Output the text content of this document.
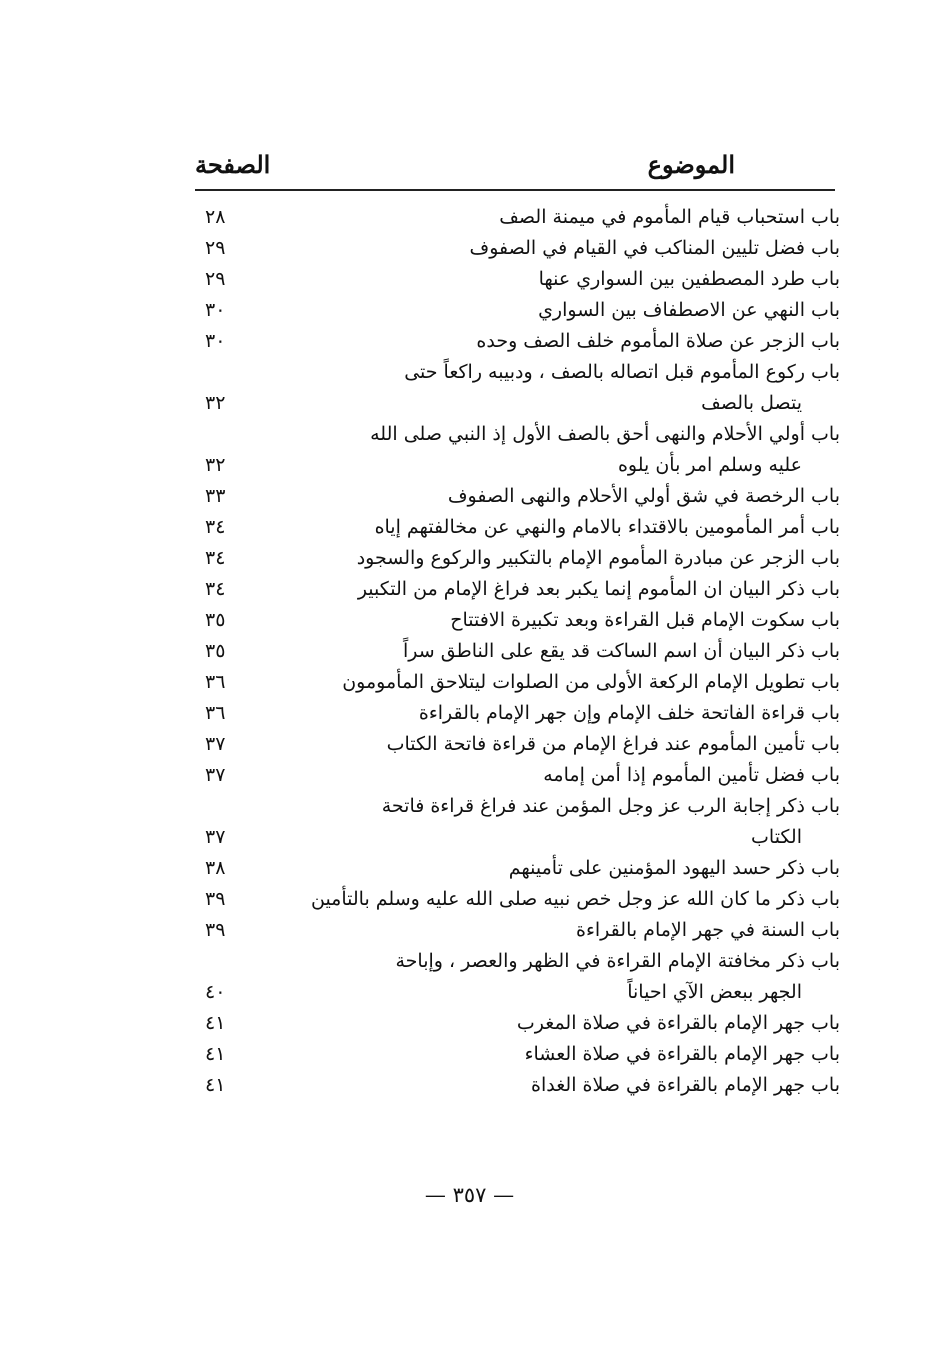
الموضوع
الصفحة
باب استحباب قيام المأموم في ميمنة الصف
٢٨
باب فضل تليين المناكب في القيام في الصفوف
٢٩
باب طرد المصطفين بين السواري عنها
٢٩
باب النهي عن الاصطفاف بين السواري
٣٠
باب الزجر عن صلاة المأموم خلف الصف وحده
٣٠
باب ركوع المأموم قبل اتصاله بالصف ، ودبيبه راكعاً حتى
يتصل بالصف
٣٢
باب أولي الأحلام والنهى أحق بالصف الأول إذ النبي صلى الله
عليه وسلم امر بأن يلوه
٣٢
باب الرخصة في شق أولي الأحلام والنهى الصفوف
٣٣
باب أمر المأمومين بالاقتداء بالامام والنهي عن مخالفتهم إياه
٣٤
باب الزجر عن مبادرة المأموم الإمام بالتكبير والركوع والسجود
٣٤
باب ذكر البيان ان المأموم إنما يكبر بعد فراغ الإمام من التكبير
٣٤
باب سكوت الإمام قبل القراءة وبعد تكبيرة الافتتاح
٣٥
باب ذكر البيان أن اسم الساكت قد يقع على الناطق سراً
٣٥
باب تطويل الإمام الركعة الأولى من الصلوات ليتلاحق المأمومون
٣٦
باب قراءة الفاتحة خلف الإمام وإن جهر الإمام بالقراءة
٣٦
باب تأمين المأموم عند فراغ الإمام من قراءة فاتحة الكتاب
٣٧
باب فضل تأمين المأموم إذا أمن إمامه
٣٧
باب ذكر إجابة الرب عز وجل المؤمن عند فراغ قراءة فاتحة
الكتاب
٣٧
باب ذكر حسد اليهود المؤمنين على تأمينهم
٣٨
باب ذكر ما كان الله عز وجل خص نبيه صلى الله عليه وسلم بالتأمين
٣٩
باب السنة في جهر الإمام بالقراءة
٣٩
باب ذكر مخافتة الإمام القراءة في الظهر والعصر ، وإباحة
الجهر ببعض الآي احياناً
٤٠
باب جهر الإمام بالقراءة في صلاة المغرب
٤١
باب جهر الإمام بالقراءة في صلاة العشاء
٤١
باب جهر الإمام بالقراءة في صلاة الغداة
٤١
— ٣٥٧ —
